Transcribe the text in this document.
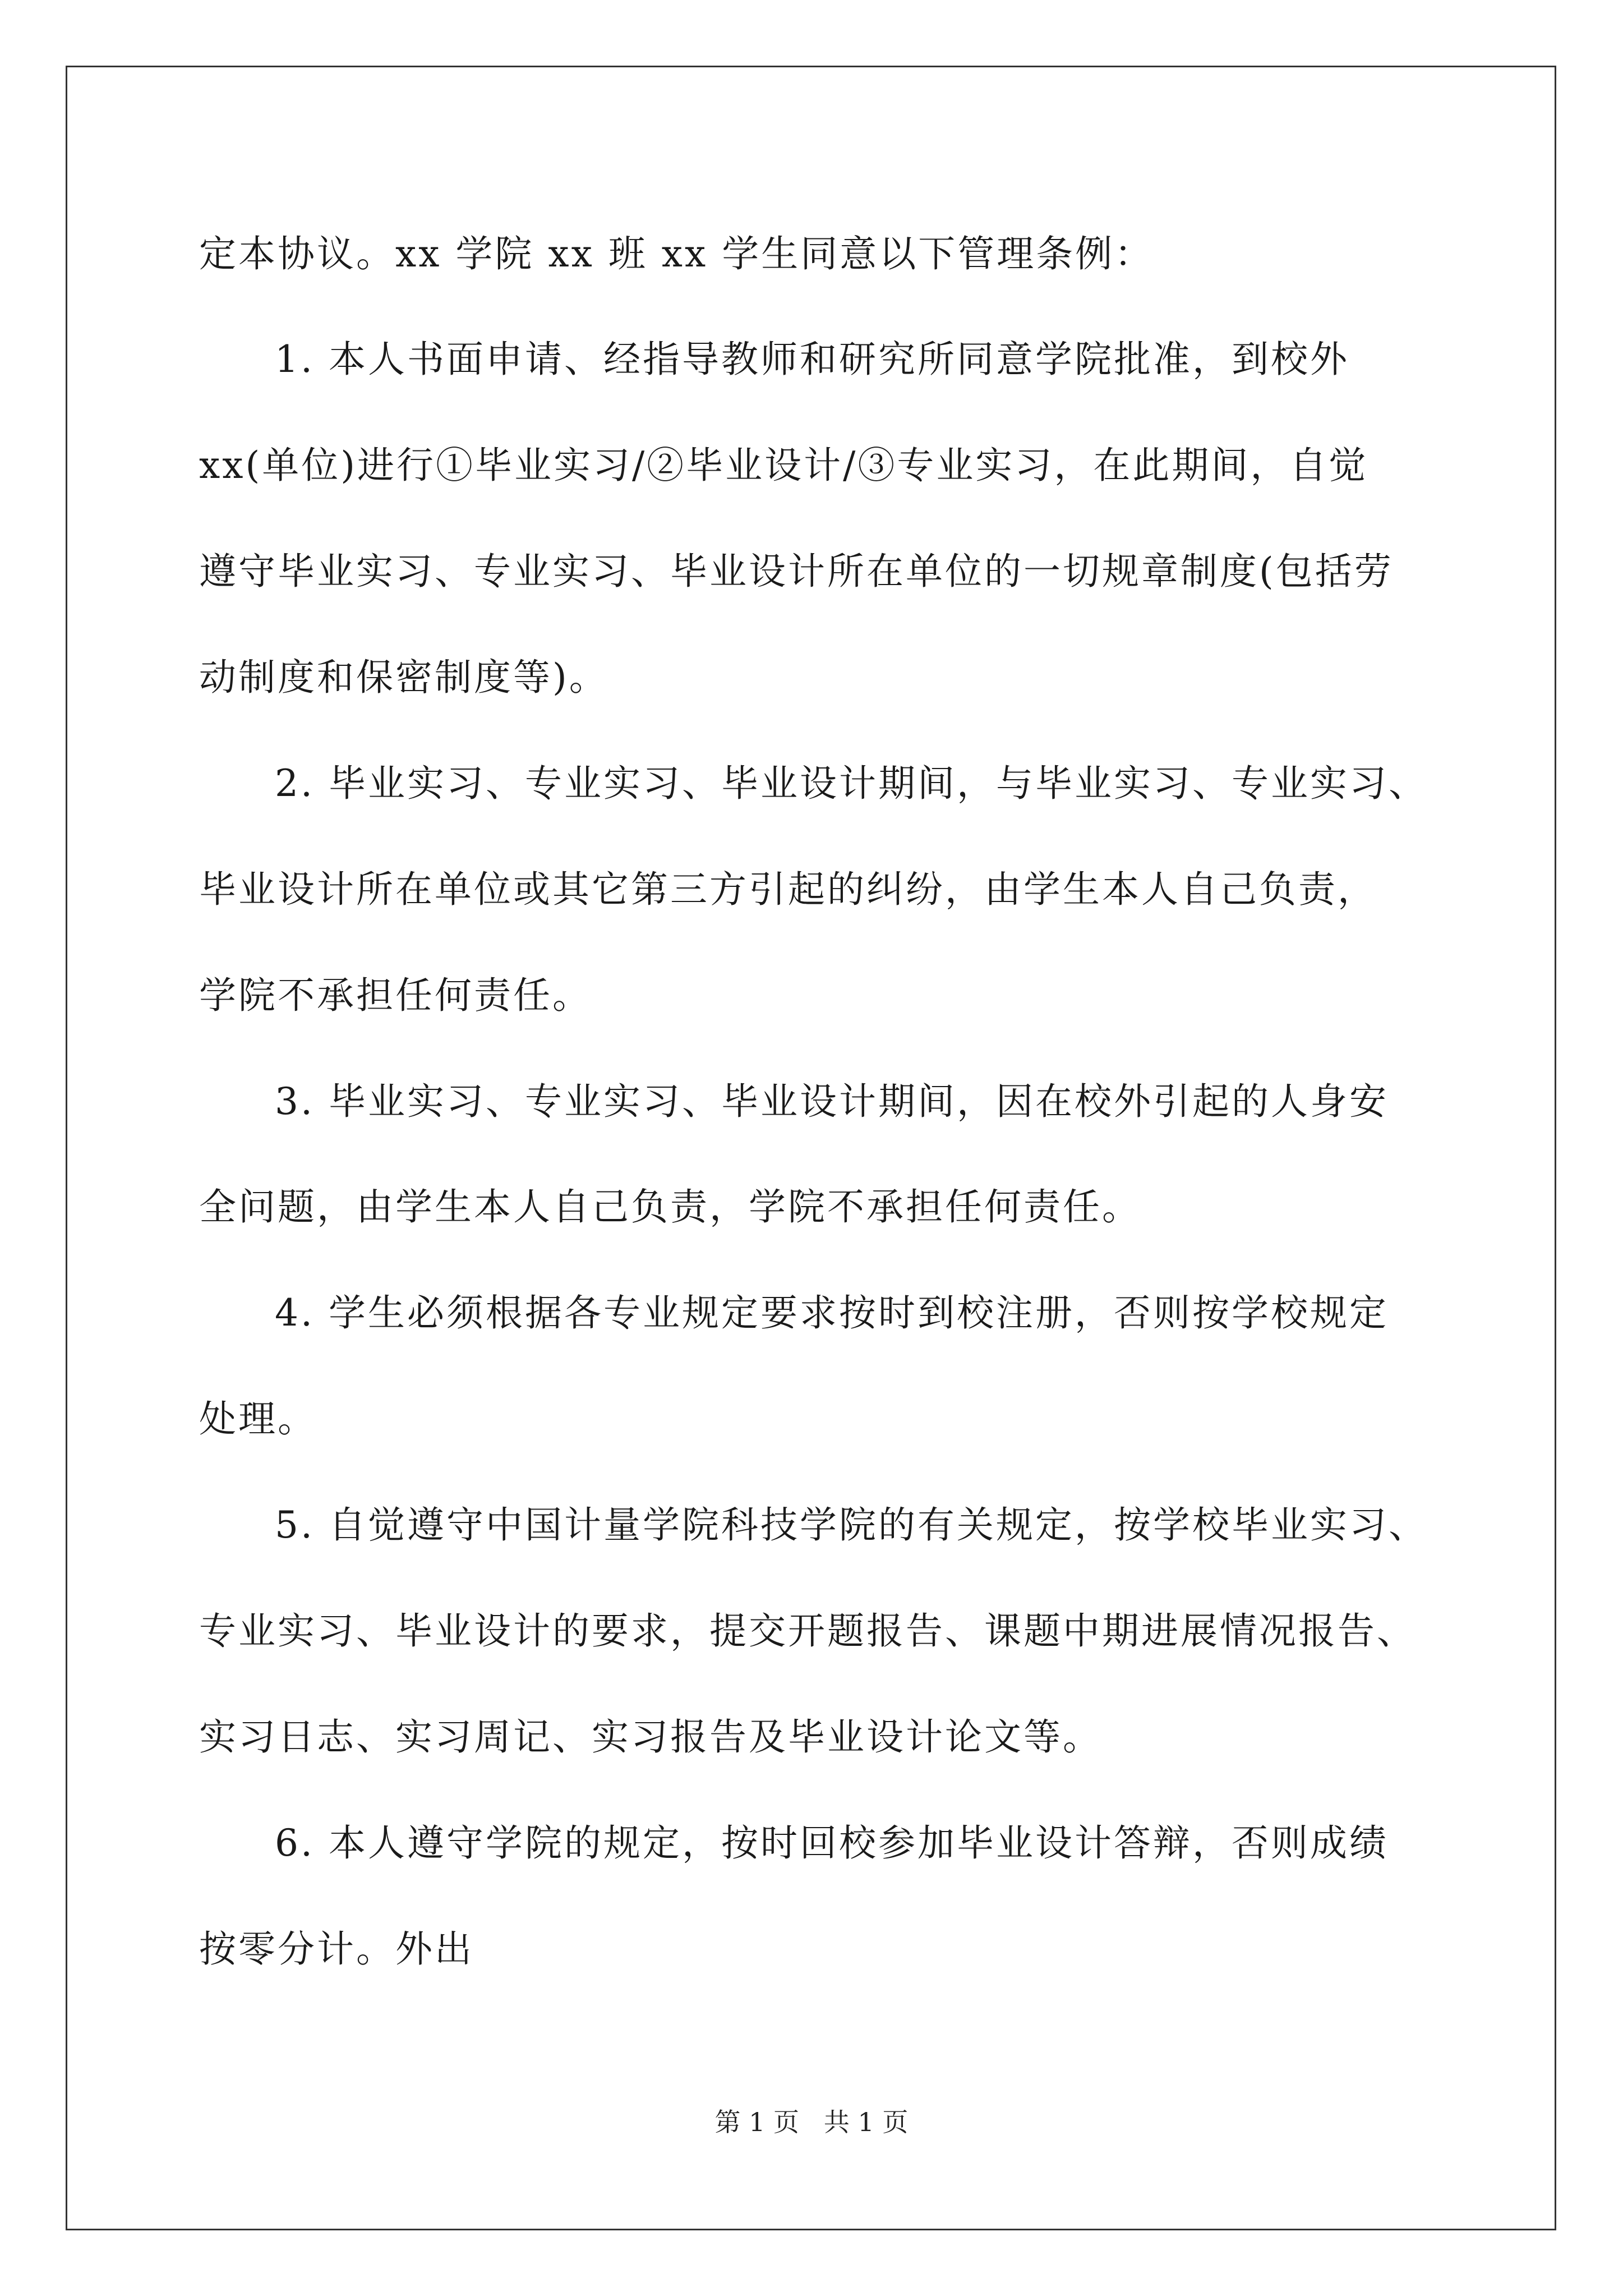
定本协议。xx 学院 xx 班 xx 学生同意以下管理条例：
1. 本人书面申请、经指导教师和研究所同意学院批准，到校外
xx(单位)进行①毕业实习/②毕业设计/③专业实习，在此期间，自觉
遵守毕业实习、专业实习、毕业设计所在单位的一切规章制度(包括劳
动制度和保密制度等)。
2. 毕业实习、专业实习、毕业设计期间，与毕业实习、专业实习、
毕业设计所在单位或其它第三方引起的纠纷，由学生本人自己负责，
学院不承担任何责任。
3. 毕业实习、专业实习、毕业设计期间，因在校外引起的人身安
全问题，由学生本人自己负责，学院不承担任何责任。
4. 学生必须根据各专业规定要求按时到校注册，否则按学校规定
处理。
5. 自觉遵守中国计量学院科技学院的有关规定，按学校毕业实习、
专业实习、毕业设计的要求，提交开题报告、课题中期进展情况报告、
实习日志、实习周记、实习报告及毕业设计论文等。
6. 本人遵守学院的规定，按时回校参加毕业设计答辩，否则成绩
按零分计。外出
第 1 页   共 1 页
